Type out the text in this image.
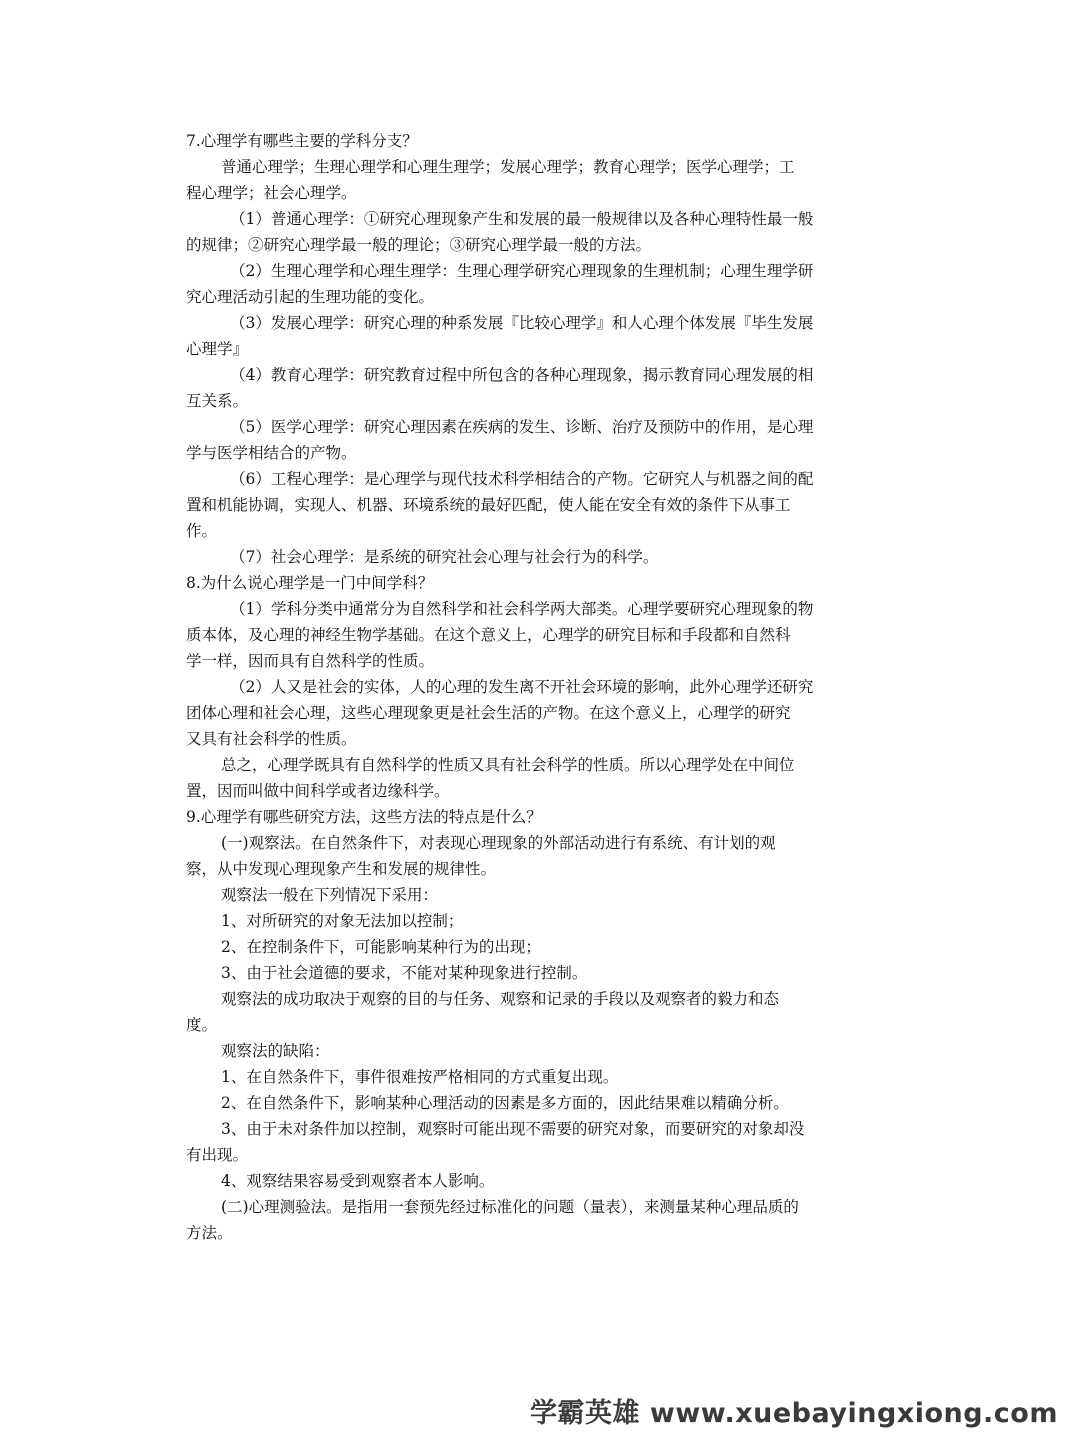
7.心理学有哪些主要的学科分支？
普通心理学；生理心理学和心理生理学；发展心理学；教育心理学；医学心理学；工
程心理学；社会心理学。
（1）普通心理学：①研究心理现象产生和发展的最一般规律以及各种心理特性最一般
的规律；②研究心理学最一般的理论；③研究心理学最一般的方法。
（2）生理心理学和心理生理学：生理心理学研究心理现象的生理机制；心理生理学研
究心理活动引起的生理功能的变化。
（3）发展心理学：研究心理的种系发展『比较心理学』和人心理个体发展『毕生发展
心理学』
（4）教育心理学：研究教育过程中所包含的各种心理现象，揭示教育同心理发展的相
互关系。
（5）医学心理学：研究心理因素在疾病的发生、诊断、治疗及预防中的作用，是心理
学与医学相结合的产物。
（6）工程心理学：是心理学与现代技术科学相结合的产物。它研究人与机器之间的配
置和机能协调，实现人、机器、环境系统的最好匹配，使人能在安全有效的条件下从事工
作。
（7）社会心理学：是系统的研究社会心理与社会行为的科学。
8.为什么说心理学是一门中间学科？
（1）学科分类中通常分为自然科学和社会科学两大部类。心理学要研究心理现象的物
质本体，及心理的神经生物学基础。在这个意义上，心理学的研究目标和手段都和自然科
学一样，因而具有自然科学的性质。
（2）人又是社会的实体，人的心理的发生离不开社会环境的影响，此外心理学还研究
团体心理和社会心理，这些心理现象更是社会生活的产物。在这个意义上，心理学的研究
又具有社会科学的性质。
总之，心理学既具有自然科学的性质又具有社会科学的性质。所以心理学处在中间位
置，因而叫做中间科学或者边缘科学。
9.心理学有哪些研究方法，这些方法的特点是什么？
(一)观察法。在自然条件下，对表现心理现象的外部活动进行有系统、有计划的观
察，从中发现心理现象产生和发展的规律性。
观察法一般在下列情况下采用：
1、对所研究的对象无法加以控制；
2、在控制条件下，可能影响某种行为的出现；
3、由于社会道德的要求，不能对某种现象进行控制。
观察法的成功取决于观察的目的与任务、观察和记录的手段以及观察者的毅力和态
度。
观察法的缺陷：
1、在自然条件下，事件很难按严格相同的方式重复出现。
2、在自然条件下，影响某种心理活动的因素是多方面的，因此结果难以精确分析。
3、由于未对条件加以控制，观察时可能出现不需要的研究对象，而要研究的对象却没
有出现。
4、观察结果容易受到观察者本人影响。
(二)心理测验法。是指用一套预先经过标准化的问题（量表），来测量某种心理品质的
方法。
学霸英雄 www.xuebayingxiong.com
